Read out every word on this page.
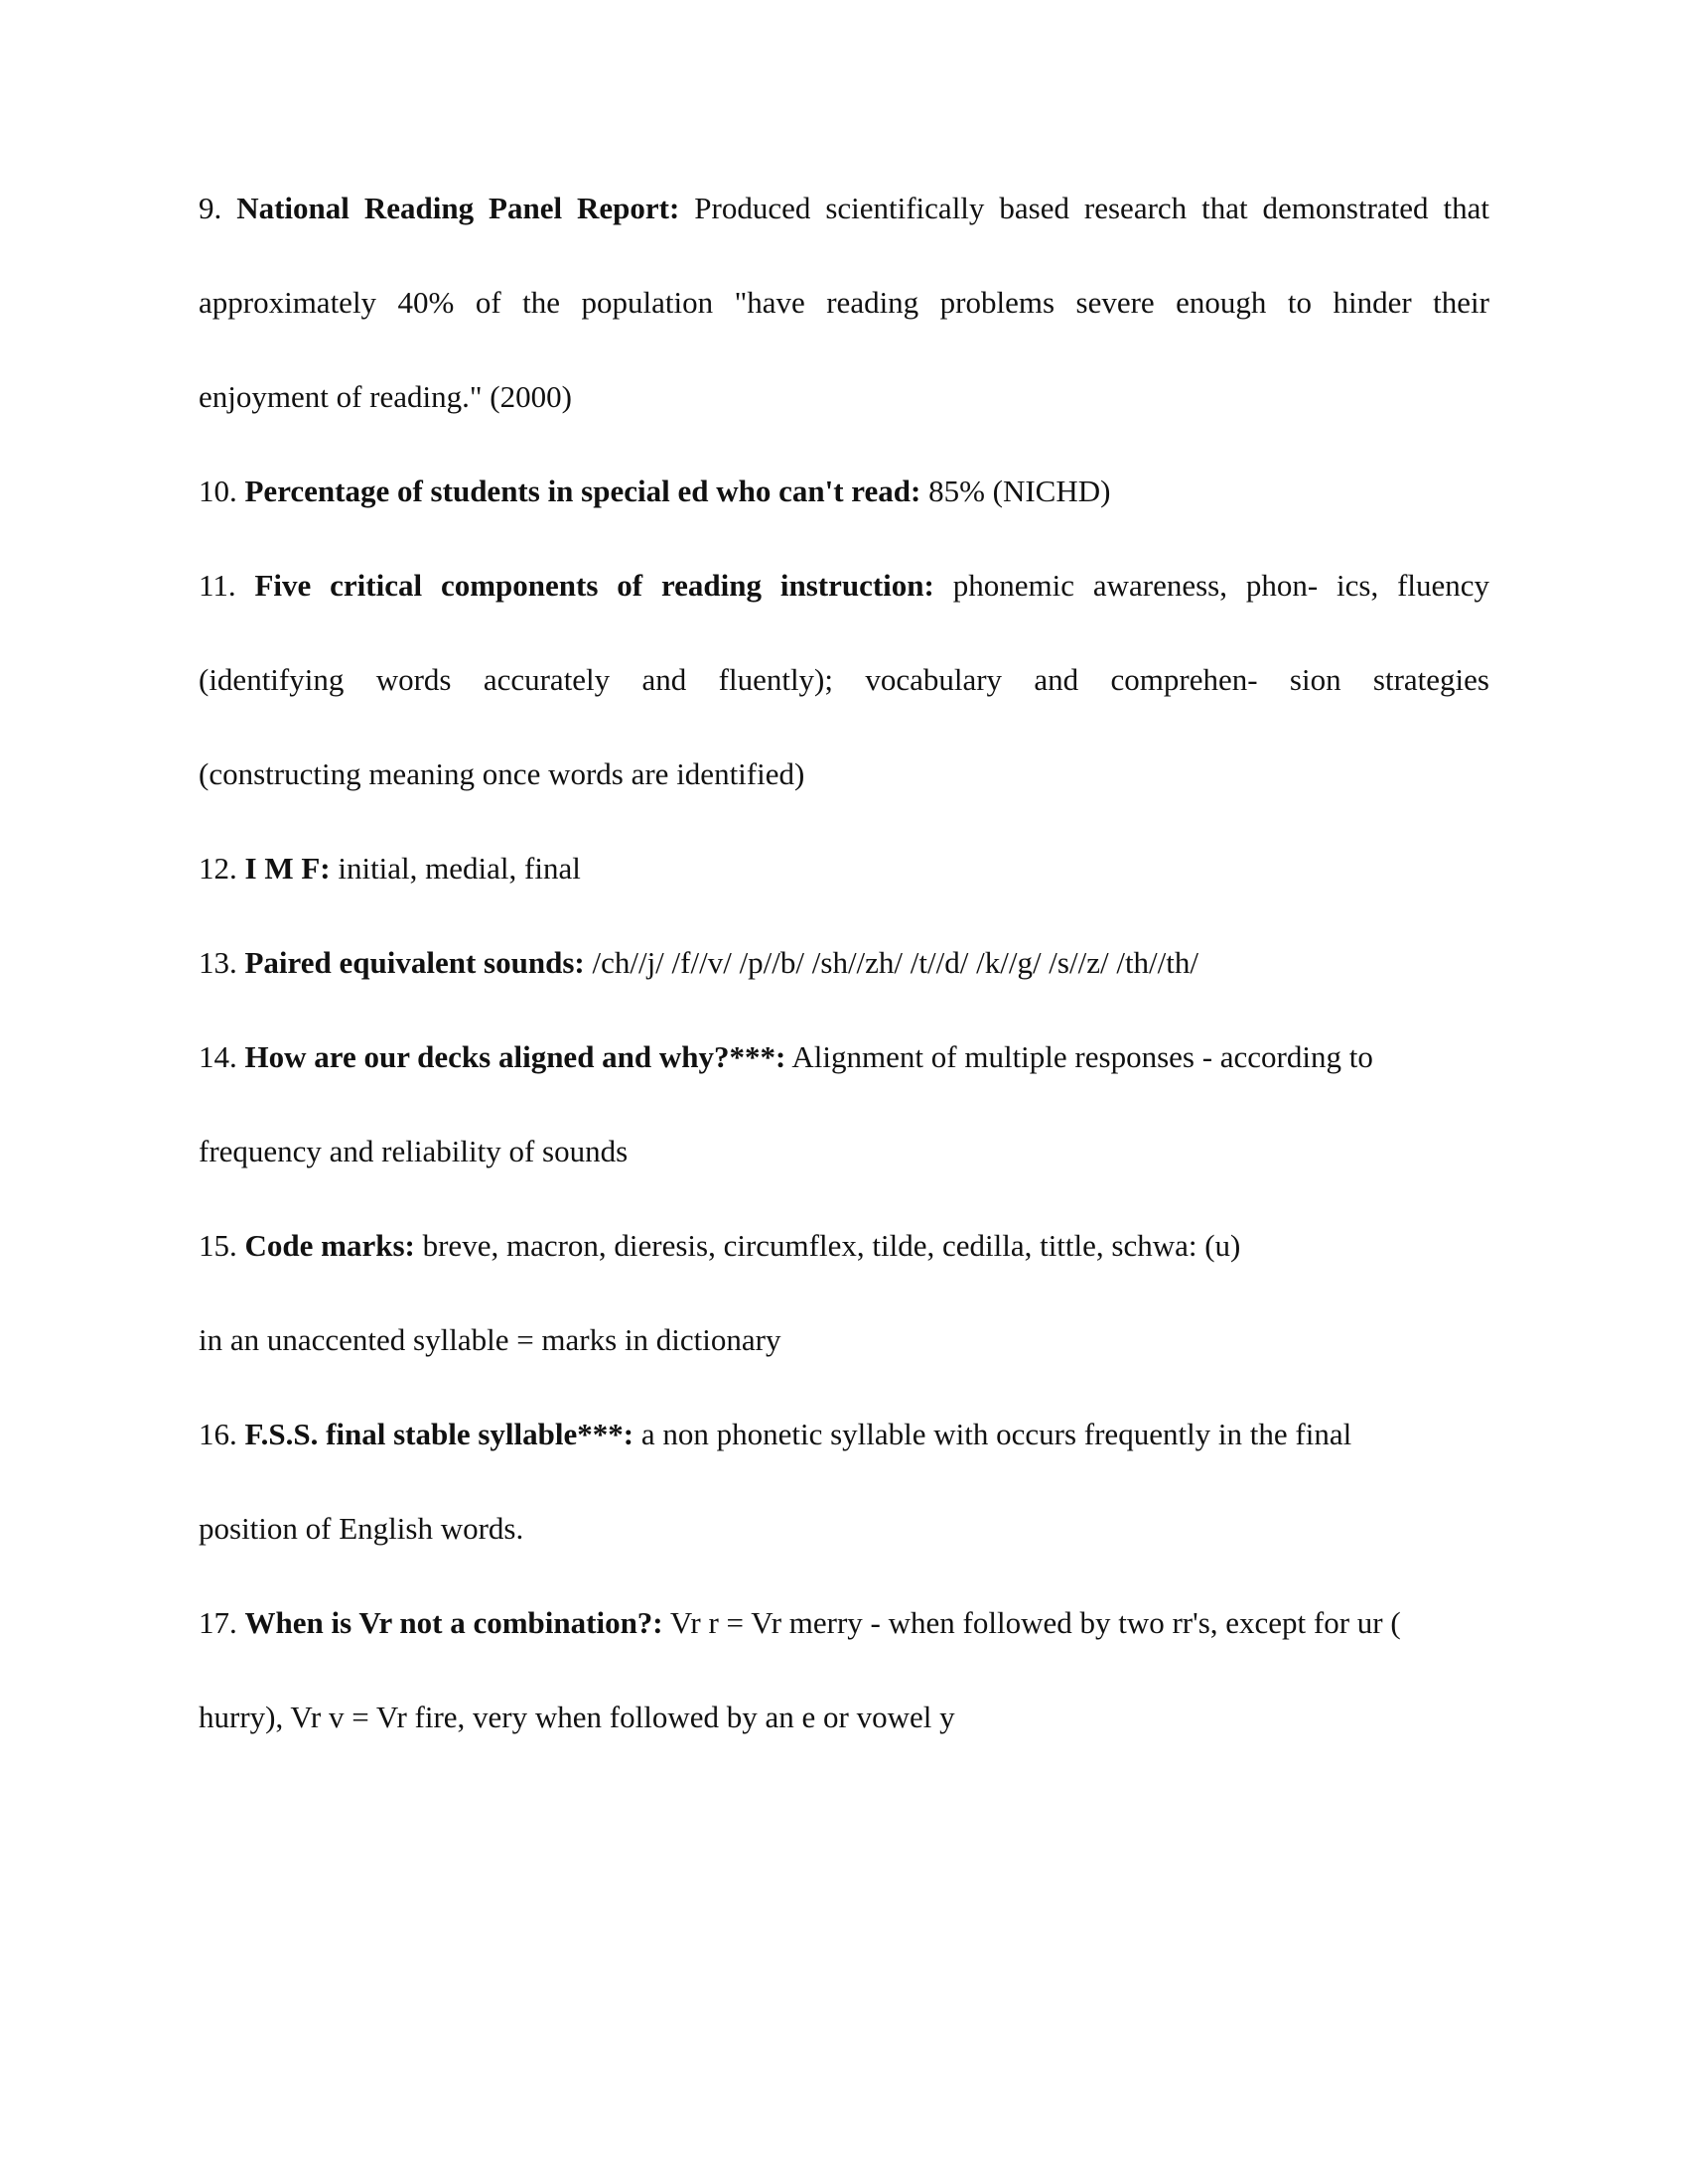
9. National Reading Panel Report: Produced scientifically based research that demonstrated that
approximately 40% of the population "have reading problems severe enough to hinder their
enjoyment of reading." (2000)
10. Percentage of students in special ed who can't read: 85% (NICHD)
11. Five critical components of reading instruction: phonemic awareness, phon- ics, fluency
(identifying words accurately and fluently); vocabulary and comprehen- sion strategies
(constructing meaning once words are identified)
12. I M F: initial, medial, final
13. Paired equivalent sounds: /ch//j/ /f//v/ /p//b/ /sh//zh/ /t//d/ /k//g/ /s//z/ /th//th/
14. How are our decks aligned and why?***: Alignment of multiple responses - according to
frequency and reliability of sounds
15. Code marks: breve, macron, dieresis, circumflex, tilde, cedilla, tittle, schwa: (u)
in an unaccented syllable = marks in dictionary
16. F.S.S. final stable syllable***: a non phonetic syllable with occurs frequently in the final
position of English words.
17. When is Vr not a combination?: Vr r = Vr merry - when followed by two rr's, except for ur (
hurry), Vr v = Vr fire, very when followed by an e or vowel y
